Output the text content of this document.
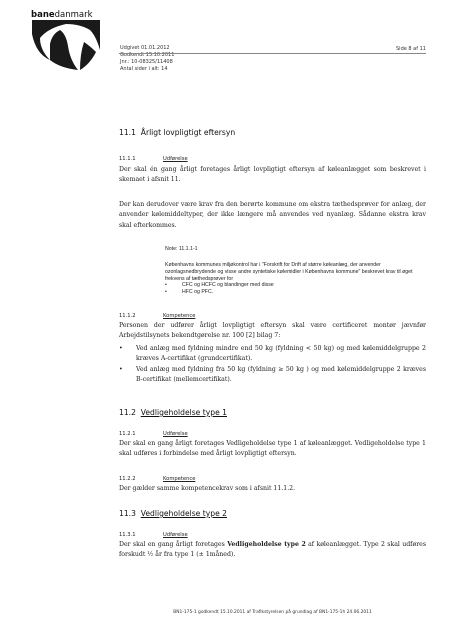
banedanmark
Udgivet 01.01.2012
Godkendt 15.10.2011
Jnr.: 10-08325/11408
Antal sider i alt: 14
Side 8 af 11
11.1 Årligt lovpligtigt eftersyn
11.1.1	Udførelse
Der skal én gang årligt foretages årligt lovpligtigt eftersyn af køleanlægget som beskrevet i skemaet i afsnit 11.
Der kan derudover være krav fra den berørte kommune om ekstra tæthedsprøver for anlæg, der anvender kølemiddeltyper, der ikke længere må anvendes ved nyanlæg. Sådanne ekstra krav skal efterkommes.
Note: 11.1.1-1
Københavns kommunes miljøkontrol har i "Forskrift for Drift af større køleanlæg, der anvender ozonlagsnedbrydende og visse andre syntetiske kølemidler i Københavns kommune" beskrevet krav til øget frekvens af tæthedsprøver for
•	CFC og HCFC og blandinger med disse
•	HFC og PFC.
11.1.2	Kompetence
Personen der udfører årligt lovpligtigt eftersyn skal være certificeret montør jævnfør Arbejdstilsynets bekendtgørelse nr. 100 [2] bilag 7:
• Ved anlæg med fyldning mindre end 50 kg (fyldning < 50 kg) og med kølemiddelgruppe 2 kræves A-certifikat (grundcertifikat).
• Ved anlæg med fyldning fra 50 kg (fyldning ≥ 50 kg ) og med kølemiddelgruppe 2 kræves B-certifikat (mellemcertifikat).
11.2 Vedligeholdelse type 1
11.2.1	Udførelse
Der skal en gang årligt foretages Vedligeholdelse type 1 af køleanlægget. Vedligeholdelse type 1 skal udføres i forbindelse med årligt lovpligtigt eftersyn.
11.2.2	Kompetence
Der gælder samme kompetencekrav som i afsnit 11.1.2.
11.3 Vedligeholdelse type 2
11.3.1	Udførelse
Der skal en gang årligt foretages Vedligeholdelse type 2 af køleanlægget. Type 2 skal udføres forskudt ½ år fra type 1 (± 1måned).
BN1-175-1 godkendt 15.10.2011 af Trafikstyrelsen på grundlag af BN1-175-1h 24.06.2011
